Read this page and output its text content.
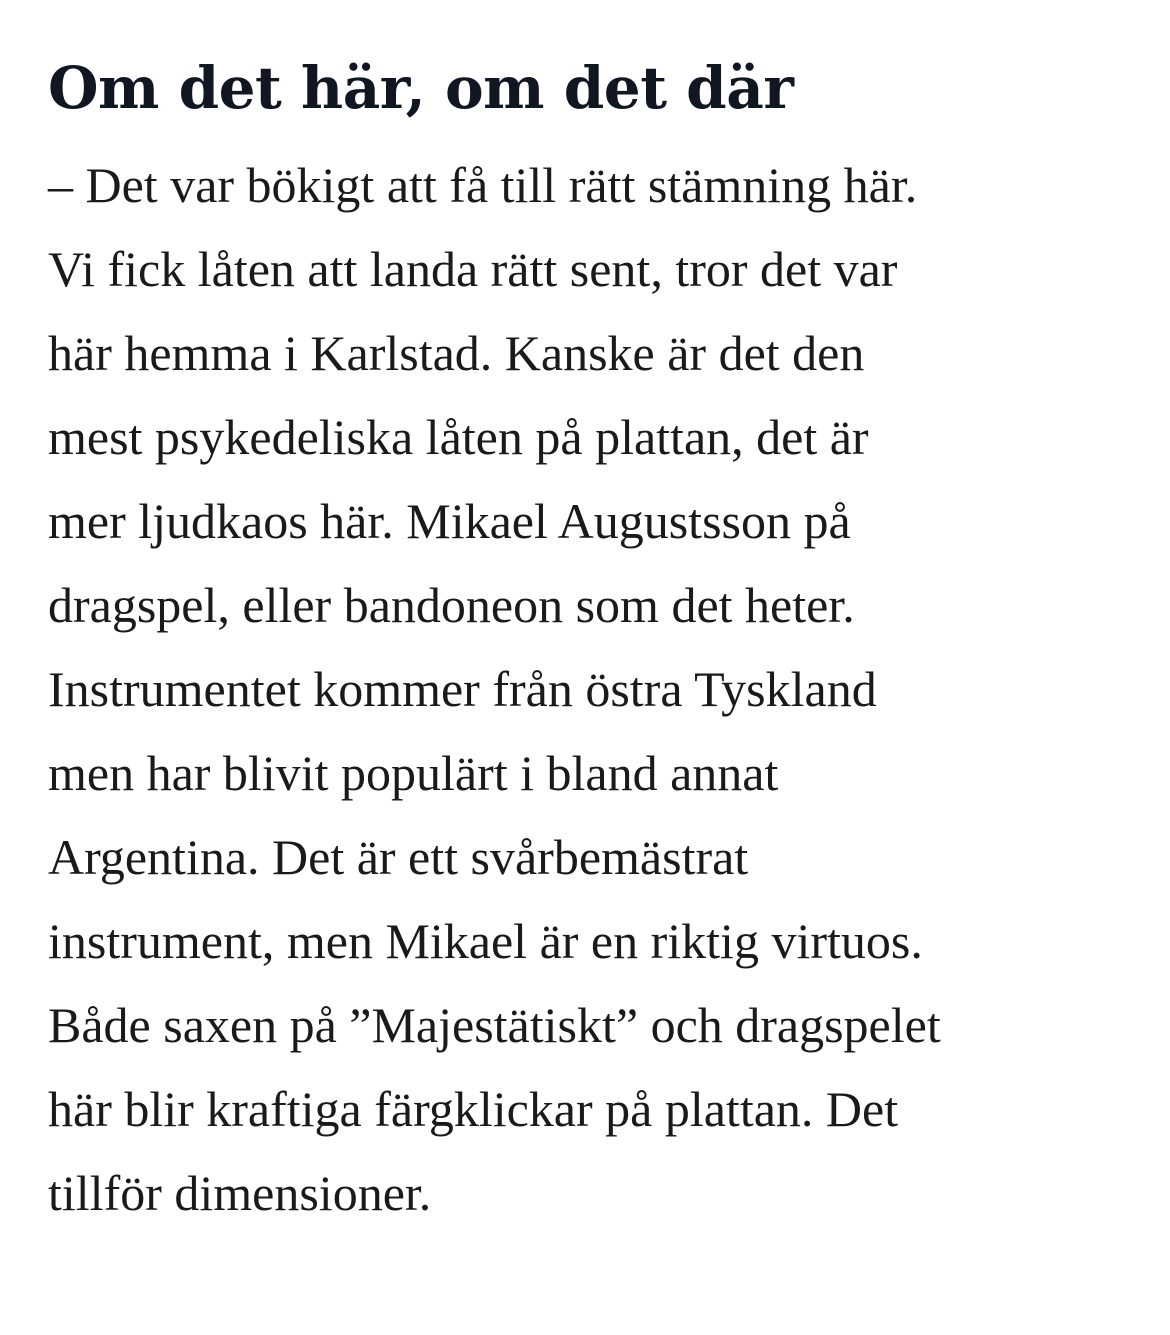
Om det här, om det där
– Det var bökigt att få till rätt stämning här.
Vi fick låten att landa rätt sent, tror det var
här hemma i Karlstad. Kanske är det den
mest psykedeliska låten på plattan, det är
mer ljudkaos här. Mikael Augustsson på
dragspel, eller bandoneon som det heter.
Instrumentet kommer från östra Tyskland
men har blivit populärt i bland annat
Argentina. Det är ett svårbemästrat
instrument, men Mikael är en riktig virtuos.
Både saxen på ”Majestätiskt” och dragspelet
här blir kraftiga färgklickar på plattan. Det
tillför dimensioner.
